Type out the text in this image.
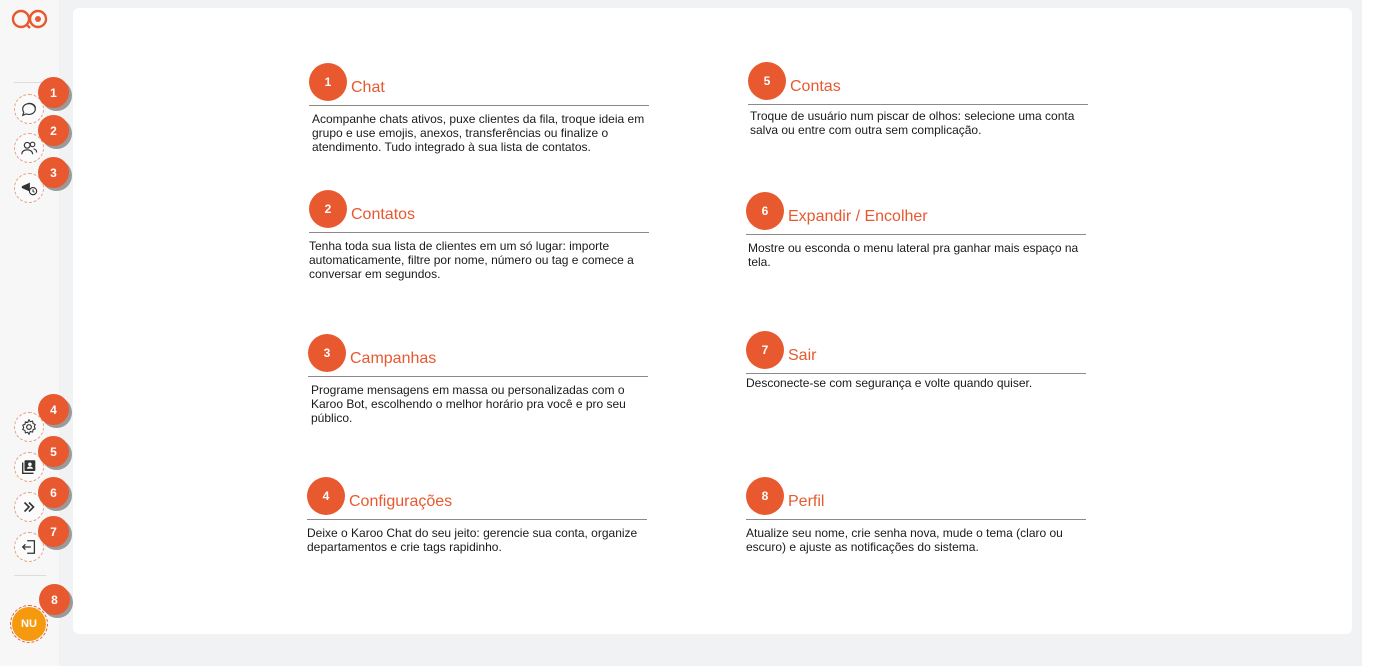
NU
1
2
3
4
5
6
7
8
1	Chat
Acompanhe chats ativos, puxe clientes da fila, troque ideia em grupo e use emojis, anexos, transferências ou finalize o atendimento. Tudo integrado à sua lista de contatos.
2	Contatos
Tenha toda sua lista de clientes em um só lugar: importe automaticamente, filtre por nome, número ou tag e comece a conversar em segundos.
3	Campanhas
Programe mensagens em massa ou personalizadas com o Karoo Bot, escolhendo o melhor horário pra você e pro seu público.
4	Configurações
Deixe o Karoo Chat do seu jeito: gerencie sua conta, organize departamentos e crie tags rapidinho.
5	Contas
Troque de usuário num piscar de olhos: selecione uma conta salva ou entre com outra sem complicação.
6	Expandir / Encolher
Mostre ou esconda o menu lateral pra ganhar mais espaço na tela.
7	Sair
Desconecte-se com segurança e volte quando quiser.
8	Perfil
Atualize seu nome, crie senha nova, mude o tema (claro ou escuro) e ajuste as notificações do sistema.
